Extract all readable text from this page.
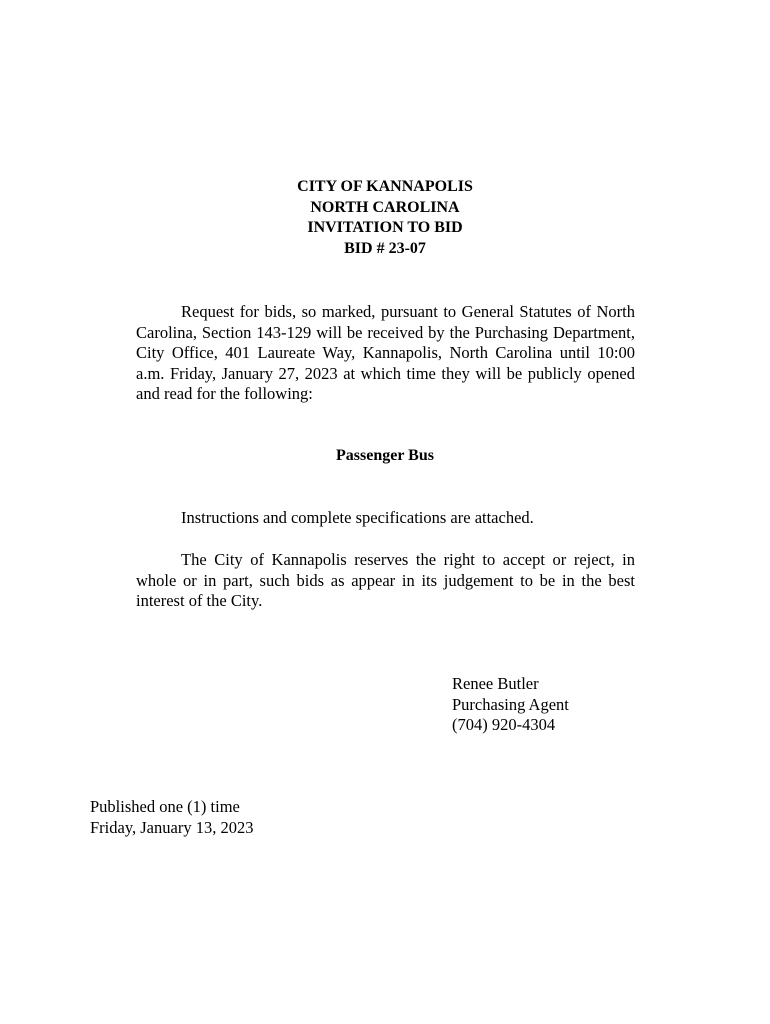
CITY OF KANNAPOLIS
NORTH CAROLINA
INVITATION TO BID
BID # 23-07

Request for bids, so marked, pursuant to General Statutes of North Carolina, Section 143-129 will be received by the Purchasing Department, City Office, 401 Laureate Way, Kannapolis, North Carolina until 10:00 a.m. Friday, January 27, 2023 at which time they will be publicly opened and read for the following:

Passenger Bus

Instructions and complete specifications are attached.

The City of Kannapolis reserves the right to accept or reject, in whole or in part, such bids as appear in its judgement to be in the best interest of the City.

Renee Butler
Purchasing Agent
(704) 920-4304
Published one (1) time
Friday, January 13, 2023
